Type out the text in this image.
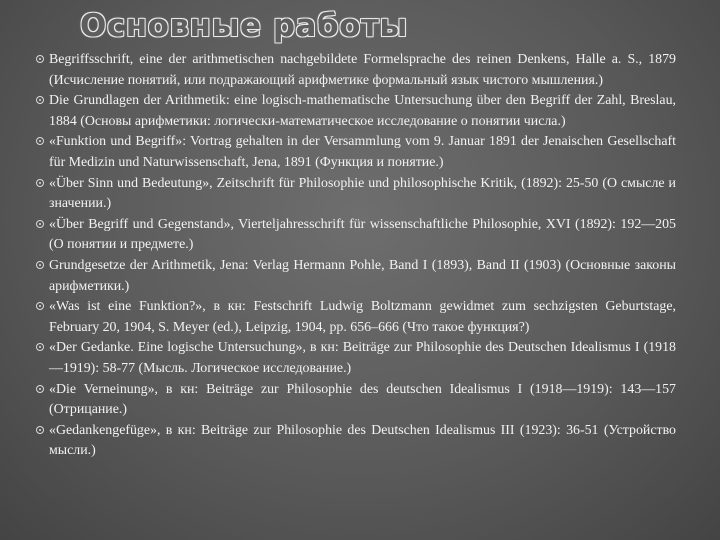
Основные работы
Begriffsschrift, eine der arithmetischen nachgebildete Formelsprache des reinen Denkens, Halle a. S., 1879 (Исчисление понятий, или подражающий арифметике формальный язык чистого мышления.)
Die Grundlagen der Arithmetik: eine logisch-mathematische Untersuchung über den Begriff der Zahl, Breslau, 1884 (Основы арифметики: логически-математическое исследование о понятии числа.)
«Funktion und Begriff»: Vortrag gehalten in der Versammlung vom 9. Januar 1891 der Jenaischen Gesellschaft für Medizin und Naturwissenschaft, Jena, 1891 (Функция и понятие.)
«Über Sinn und Bedeutung», Zeitschrift für Philosophie und philosophische Kritik, (1892): 25-50 (О смысле и значении.)
«Über Begriff und Gegenstand», Vierteljahresschrift für wissenschaftliche Philosophie, XVI (1892): 192—205 (О понятии и предмете.)
Grundgesetze der Arithmetik, Jena: Verlag Hermann Pohle, Band I (1893), Band II (1903) (Основные законы арифметики.)
«Was ist eine Funktion?», в кн: Festschrift Ludwig Boltzmann gewidmet zum sechzigsten Geburtstage, February 20, 1904, S. Meyer (ed.), Leipzig, 1904, pp. 656–666 (Что такое функция?)
«Der Gedanke. Eine logische Untersuchung», в кн: Beiträge zur Philosophie des Deutschen Idealismus I (1918—1919): 58-77 (Мысль. Логическое исследование.)
«Die Verneinung», в кн: Beiträge zur Philosophie des deutschen Idealismus I (1918—1919): 143—157 (Отрицание.)
«Gedankengefüge», в кн: Beiträge zur Philosophie des Deutschen Idealismus III (1923): 36-51 (Устройство мысли.)
